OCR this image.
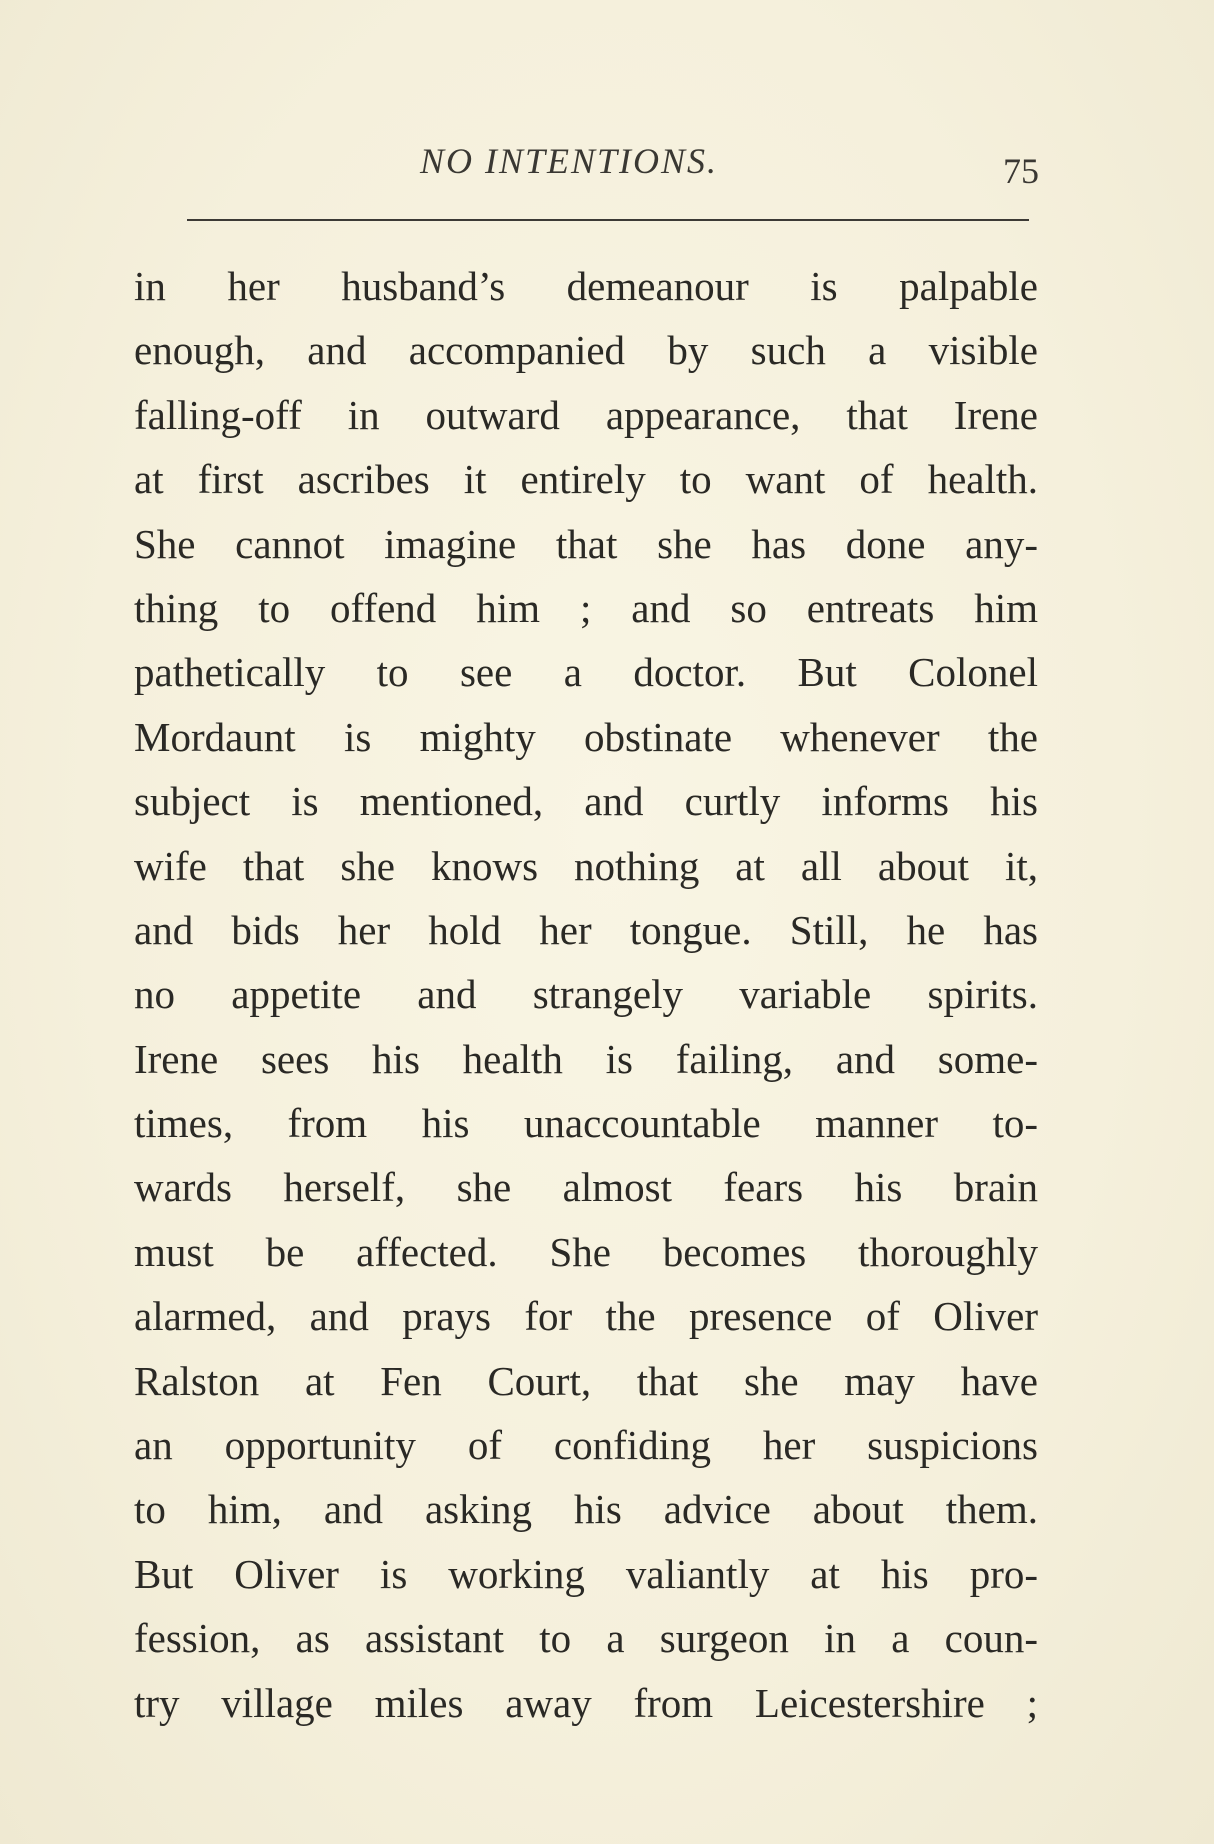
NO INTENTIONS.	75
in her husband’s demeanour is palpable
enough, and accompanied by such a visible
falling-off in outward appearance, that Irene
at first ascribes it entirely to want of health.
She cannot imagine that she has done any-
thing to offend him ; and so entreats him
pathetically to see a doctor. But Colonel
Mordaunt is mighty obstinate whenever the
subject is mentioned, and curtly informs his
wife that she knows nothing at all about it,
and bids her hold her tongue. Still, he has
no appetite and strangely variable spirits.
Irene sees his health is failing, and some-
times, from his unaccountable manner to-
wards herself, she almost fears his brain
must be affected. She becomes thoroughly
alarmed, and prays for the presence of Oliver
Ralston at Fen Court, that she may have
an opportunity of confiding her suspicions
to him, and asking his advice about them.
But Oliver is working valiantly at his pro-
fession, as assistant to a surgeon in a coun-
try village miles away from Leicestershire ;
